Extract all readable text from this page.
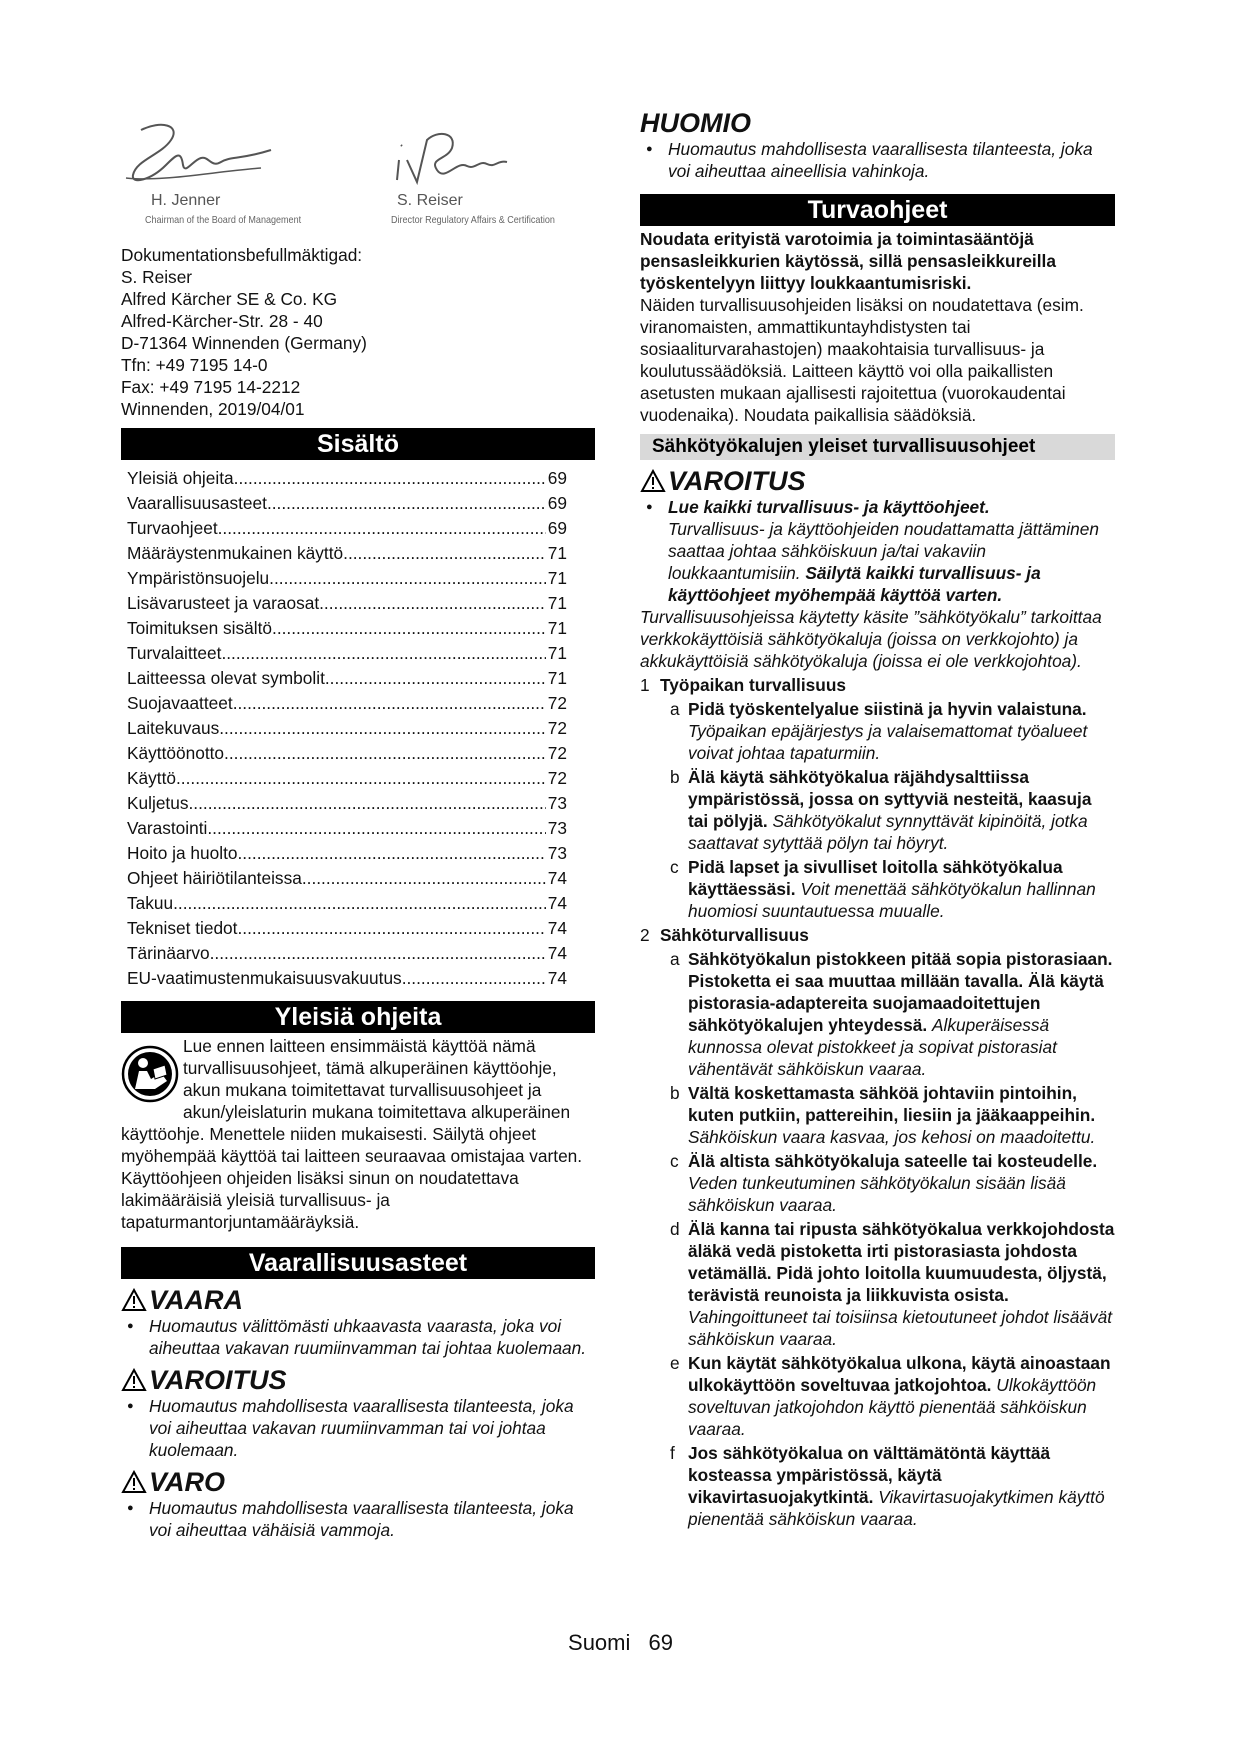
H. Jenner
Chairman of the Board of Management
S. Reiser
Director Regulatory Affairs & Certification

Dokumentationsbefullmäktigad:

S. Reiser

Alfred Kärcher SE & Co. KG

Alfred-Kärcher-Str. 28 - 40

D-71364 Winnenden (Germany)

Tfn: +49 7195 14-0

Fax: +49 7195 14-2212

Winnenden, 2019/04/01

Sisältö
Yleisiä ohjeita .....	69
Vaarallisuusasteet .....	69
Turvaohjeet .....	69
Määräystenmukainen käyttö .....	71
Ympäristönsuojelu .....	71
Lisävarusteet ja varaosat .....	71
Toimituksen sisältö .....	71
Turvalaitteet .....	71
Laitteessa olevat symbolit .....	71
Suojavaatteet .....	72
Laitekuvaus .....	72
Käyttöönotto .....	72
Käyttö .....	72
Kuljetus .....	73
Varastointi .....	73
Hoito ja huolto .....	73
Ohjeet häiriötilanteissa .....	74
Takuu .....	74
Tekniset tiedot .....	74
Tärinäarvo .....	74
EU-vaatimustenmukaisuusvakuutus .....	74
Yleisiä ohjeita

Lue ennen laitteen ensimmäistä käyttöä nämä turvallisuusohjeet, tämä alkuperäinen käyttöohje, akun mukana toimitettavat turvallisuusohjeet ja akun/yleislaturin mukana toimitettava alkuperäinen käyttöohje. Menettele niiden mukaisesti. Säilytä ohjeet myöhempää käyttöä tai laitteen seuraavaa omistajaa varten.

Käyttöohjeen ohjeiden lisäksi sinun on noudatettava lakimääräisiä yleisiä turvallisuus- ja tapaturmantorjuntamääräyksiä.

Vaarallisuusasteet
VAARA

● Huomautus välittömästi uhkaavasta vaarasta, joka voi aiheuttaa vakavan ruumiinvamman tai johtaa kuolemaan.

VAROITUS

● Huomautus mahdollisesta vaarallisesta tilanteesta, joka voi aiheuttaa vakavan ruumiinvamman tai voi johtaa kuolemaan.

VARO

● Huomautus mahdollisesta vaarallisesta tilanteesta, joka voi aiheuttaa vähäisiä vammoja.

HUOMIO

● Huomautus mahdollisesta vaarallisesta tilanteesta, joka voi aiheuttaa aineellisia vahinkoja.

Turvaohjeet

Noudata erityistä varotoimia ja toimintasääntöjä pensasleikkurien käytössä, sillä pensasleikkureilla työskentelyyn liittyy loukkaantumisriski.

Näiden turvallisuusohjeiden lisäksi on noudatettava (esim. viranomaisten, ammattikuntayhdistysten tai sosiaaliturvarahastojen) maakohtaisia turvallisuus- ja koulutussäädöksiä. Laitteen käyttö voi olla paikallisten asetusten mukaan ajallisesti rajoitettua (vuorokaudentai vuodenaika). Noudata paikallisia säädöksiä.

Sähkötyökalujen yleiset turvallisuusohjeet
VAROITUS

● Lue kaikki turvallisuus- ja käyttöohjeet.

Turvallisuus- ja käyttöohjeiden noudattamatta jättäminen saattaa johtaa sähköiskuun ja/tai vakaviin loukkaantumisiin. Säilytä kaikki turvallisuus- ja käyttöohjeet myöhempää käyttöä varten.

Turvallisuusohjeissa käytetty käsite ”sähkötyökalu” tarkoittaa verkkokäyttöisiä sähkötyökaluja (joissa on verkkojohto) ja akkukäyttöisiä sähkötyökaluja (joissa ei ole verkkojohtoa).

1 Työpaikan turvallisuus
a Pidä työskentelyalue siistinä ja hyvin valaistuna. Työpaikan epäjärjestys ja valaisemattomat työalueet voivat johtaa tapaturmiin.
b Älä käytä sähkötyökalua räjähdysalttiissa ympäristössä, jossa on syttyviä nesteitä, kaasuja tai pölyjä. Sähkötyökalut synnyttävät kipinöitä, jotka saattavat sytyttää pölyn tai höyryt.
c Pidä lapset ja sivulliset loitolla sähkötyökalua käyttäessäsi. Voit menettää sähkötyökalun hallinnan huomiosi suuntautuessa muualle.
2 Sähköturvallisuus
a Sähkötyökalun pistokkeen pitää sopia pistorasiaan. Pistoketta ei saa muuttaa millään tavalla. Älä käytä pistorasia-adaptereita suojamaadoitettujen sähkötyökalujen yhteydessä. Alkuperäisessä kunnossa olevat pistokkeet ja sopivat pistorasiat vähentävät sähköiskun vaaraa.
b Vältä koskettamasta sähköä johtaviin pintoihin, kuten putkiin, pattereihin, liesiin ja jääkaappeihin. Sähköiskun vaara kasvaa, jos kehosi on maadoitettu.
c Älä altista sähkötyökaluja sateelle tai kosteudelle. Veden tunkeutuminen sähkötyökalun sisään lisää sähköiskun vaaraa.
d Älä kanna tai ripusta sähkötyökalua verkkojohdosta äläkä vedä pistoketta irti pistorasiasta johdosta vetämällä. Pidä johto loitolla kuumuudesta, öljystä, terävistä reunoista ja liikkuvista osista. Vahingoittuneet tai toisiinsa kietoutuneet johdot lisäävät sähköiskun vaaraa.
e Kun käytät sähkötyökalua ulkona, käytä ainoastaan ulkokäyttöön soveltuvaa jatkojohtoa. Ulkokäyttöön soveltuvan jatkojohdon käyttö pienentää sähköiskun vaaraa.
f Jos sähkötyökalua on välttämätöntä käyttää kosteassa ympäristössä, käytä vikavirtasuojakytkintä. Vikavirtasuojakytkimen käyttö pienentää sähköiskun vaaraa.
Suomi 69
